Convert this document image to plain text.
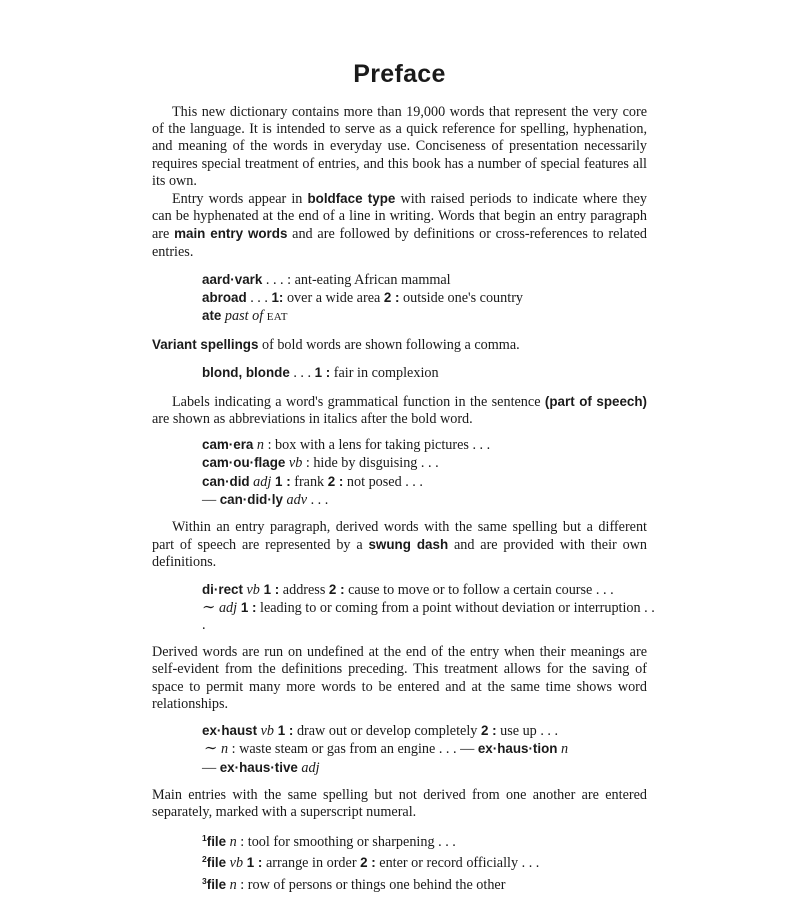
Preface

This new dictionary contains more than 19,000 words that represent the very core of the language. It is intended to serve as a quick reference for spelling, hyphenation, and meaning of the words in everyday use. Conciseness of presentation necessarily requires special treatment of entries, and this book has a number of special features all its own.

Entry words appear in boldface type with raised periods to indicate where they can be hyphenated at the end of a line in writing. Words that begin an entry paragraph are main entry words and are followed by definitions or cross-references to related entries.

aard·vark . . . : ant-eating African mammal
abroad . . . 1: over a wide area 2 : outside one's country
ate past of EAT

Variant spellings of bold words are shown following a comma.

blond, blonde . . . 1 : fair in complexion

Labels indicating a word's grammatical function in the sentence (part of speech) are shown as abbreviations in italics after the bold word.

cam·era n : box with a lens for taking pictures . . .
cam·ou·flage vb : hide by disguising . . .
can·did adj 1 : frank 2 : not posed . . .
— can·did·ly adv . . .

Within an entry paragraph, derived words with the same spelling but a different part of speech are represented by a swung dash and are provided with their own definitions.

di·rect vb 1 : address 2 : cause to move or to follow a certain course . . .
∼ adj 1 : leading to or coming from a point without deviation or interruption . .
.

Derived words are run on undefined at the end of the entry when their meanings are self-evident from the definitions preceding. This treatment allows for the saving of space to permit many more words to be entered and at the same time shows word relationships.

ex·haust vb 1 : draw out or develop completely 2 : use up . . .
∼ n : waste steam or gas from an engine . . . — ex·haus·tion n
— ex·haus·tive adj

Main entries with the same spelling but not derived from one another are entered separately, marked with a superscript numeral.

$^1$file n : tool for smoothing or sharpening . . .
$^2$file vb 1 : arrange in order 2 : enter or record officially . . .
$^3$file n : row of persons or things one behind the other
